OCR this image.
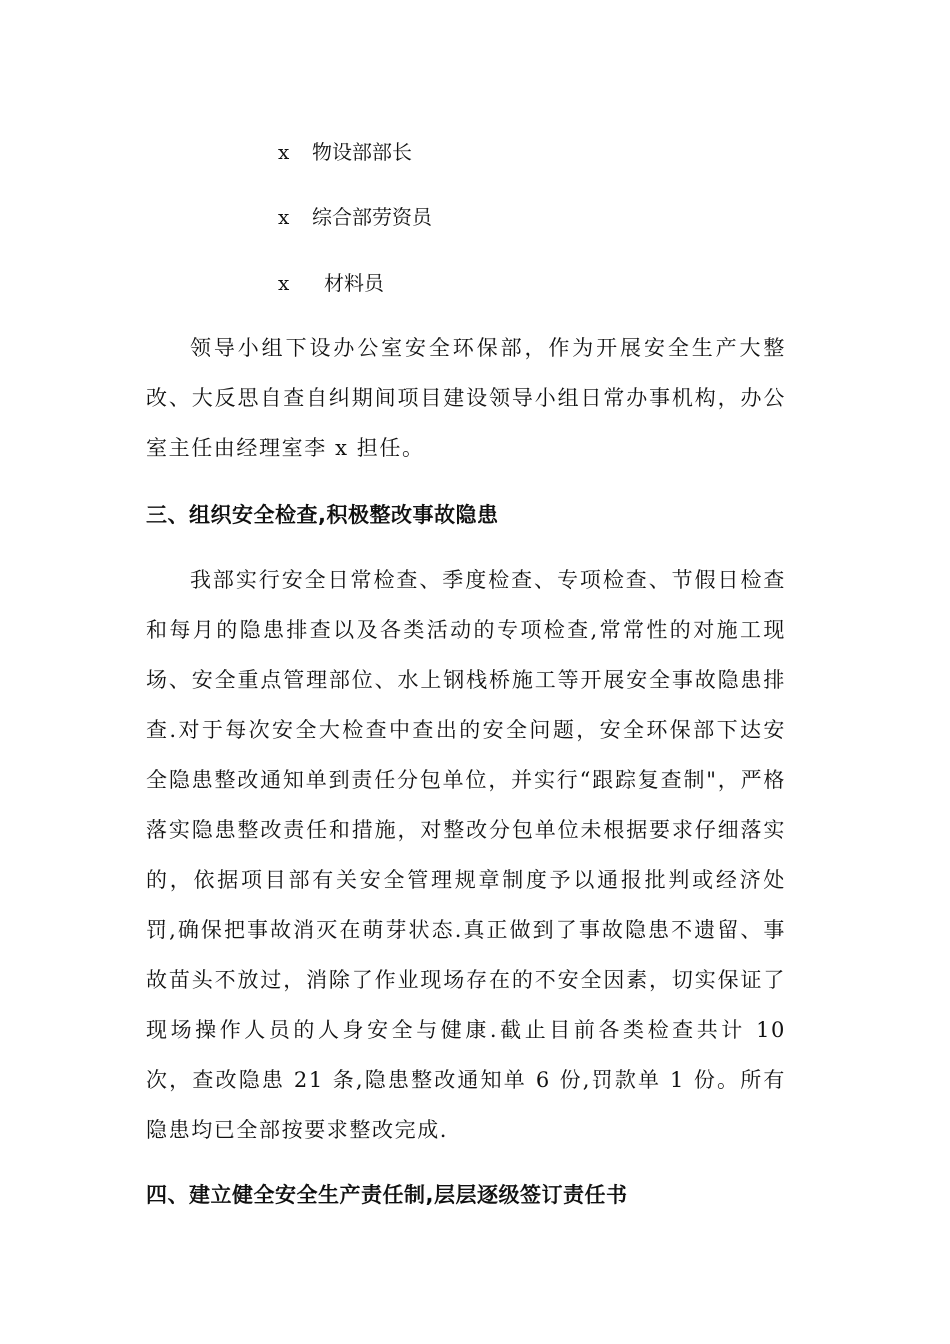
x 物设部部长
x 综合部劳资员
x 材料员

领导小组下设办公室安全环保部，作为开展安全生产大整改、大反思自查自纠期间项目建设领导小组日常办事机构，办公室主任由经理室李 x 担任。

三、组织安全检查,积极整改事故隐患

我部实行安全日常检查、季度检查、专项检查、节假日检查和每月的隐患排查以及各类活动的专项检查,常常性的对施工现场、安全重点管理部位、水上钢栈桥施工等开展安全事故隐患排查.对于每次安全大检查中查出的安全问题，安全环保部下达安全隐患整改通知单到责任分包单位，并实行“跟踪复查制"，严格落实隐患整改责任和措施，对整改分包单位未根据要求仔细落实的，依据项目部有关安全管理规章制度予以通报批判或经济处罚,确保把事故消灭在萌芽状态.真正做到了事故隐患不遗留、事故苗头不放过，消除了作业现场存在的不安全因素，切实保证了现场操作人员的人身安全与健康.截止目前各类检查共计 10 次，查改隐患 21 条,隐患整改通知单 6 份,罚款单 1 份。所有隐患均已全部按要求整改完成.

四、建立健全安全生产责任制,层层逐级签订责任书
